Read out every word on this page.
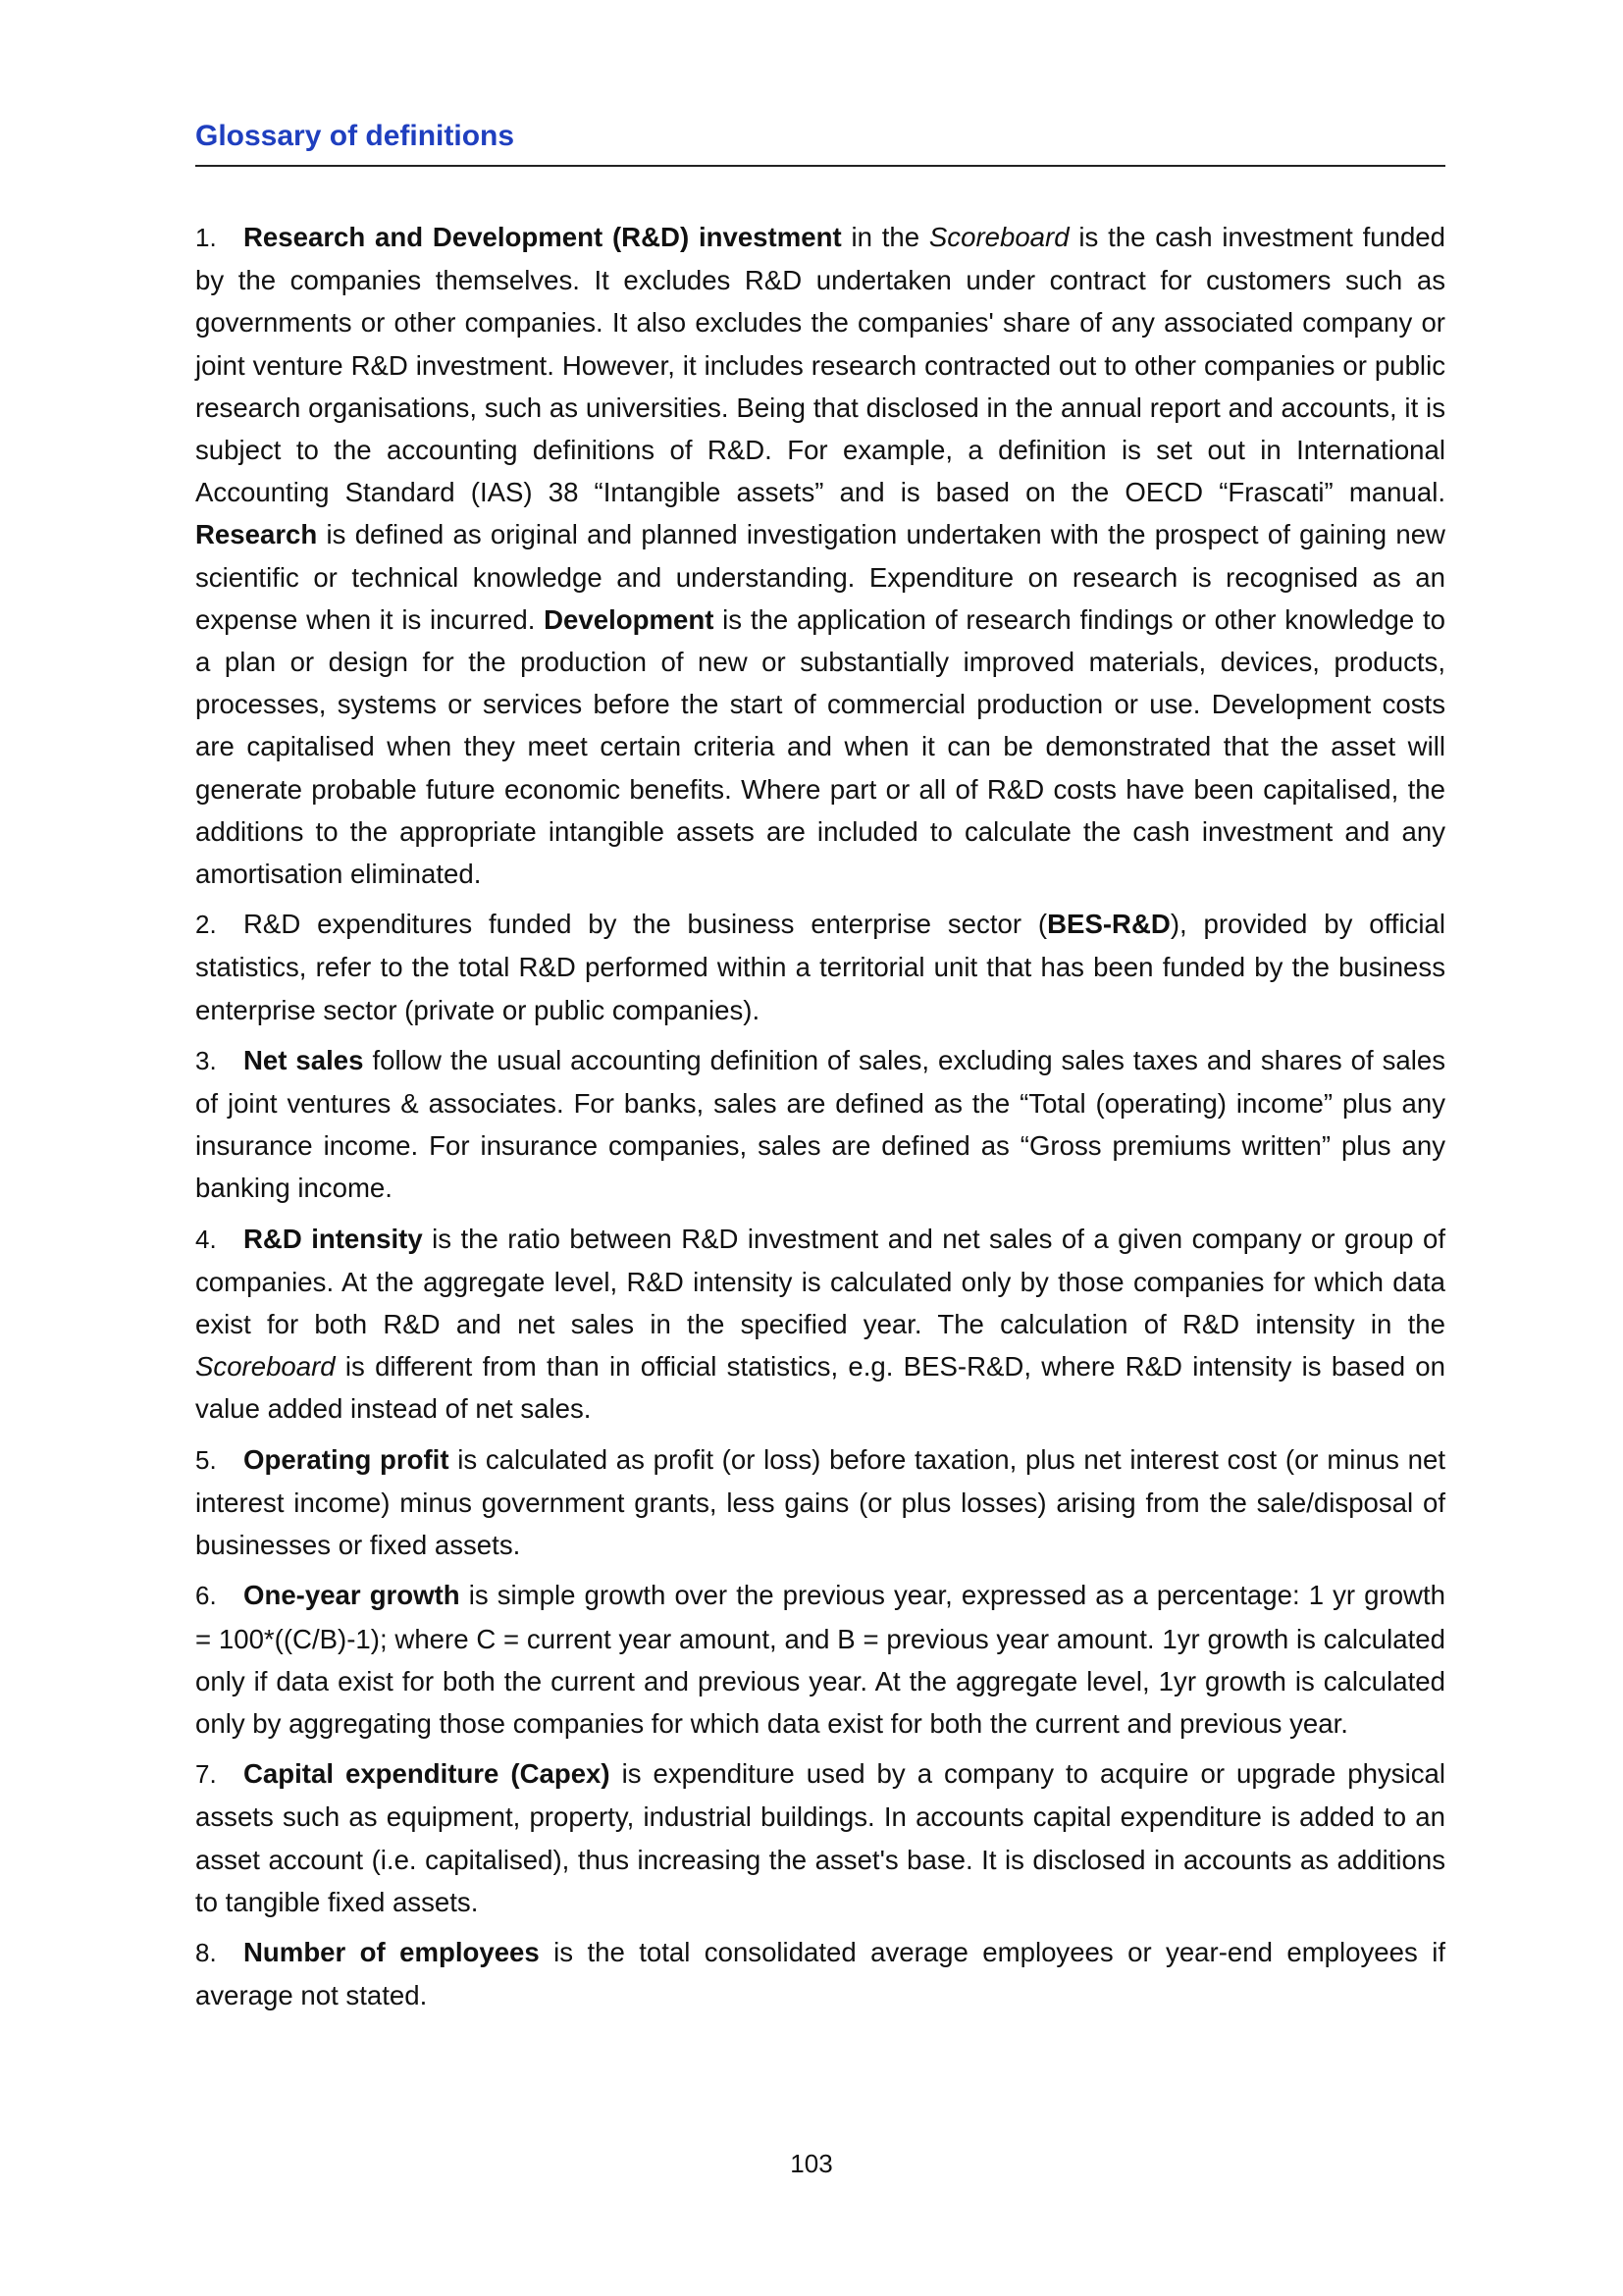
Glossary of definitions

1. Research and Development (R&D) investment in the Scoreboard is the cash investment funded by the companies themselves. It excludes R&D undertaken under contract for customers such as governments or other companies. It also excludes the companies' share of any associated company or joint venture R&D investment. However, it includes research contracted out to other companies or public research organisations, such as universities. Being that disclosed in the annual report and accounts, it is subject to the accounting definitions of R&D. For example, a definition is set out in International Accounting Standard (IAS) 38 “Intangible assets” and is based on the OECD “Frascati” manual. Research is defined as original and planned investigation undertaken with the prospect of gaining new scientific or technical knowledge and understanding. Expenditure on research is recognised as an expense when it is incurred. Development is the application of research findings or other knowledge to a plan or design for the production of new or substantially improved materials, devices, products, processes, systems or services before the start of commercial production or use. Development costs are capitalised when they meet certain criteria and when it can be demonstrated that the asset will generate probable future economic benefits. Where part or all of R&D costs have been capitalised, the additions to the appropriate intangible assets are included to calculate the cash investment and any amortisation eliminated.

2. R&D expenditures funded by the business enterprise sector (BES-R&D), provided by official statistics, refer to the total R&D performed within a territorial unit that has been funded by the business enterprise sector (private or public companies).

3. Net sales follow the usual accounting definition of sales, excluding sales taxes and shares of sales of joint ventures & associates. For banks, sales are defined as the “Total (operating) income” plus any insurance income. For insurance companies, sales are defined as “Gross premiums written” plus any banking income.

4. R&D intensity is the ratio between R&D investment and net sales of a given company or group of companies. At the aggregate level, R&D intensity is calculated only by those companies for which data exist for both R&D and net sales in the specified year. The calculation of R&D intensity in the Scoreboard is different from than in official statistics, e.g. BES-R&D, where R&D intensity is based on value added instead of net sales.

5. Operating profit is calculated as profit (or loss) before taxation, plus net interest cost (or minus net interest income) minus government grants, less gains (or plus losses) arising from the sale/disposal of businesses or fixed assets.

6. One-year growth is simple growth over the previous year, expressed as a percentage: 1 yr growth = 100*((C/B)-1); where C = current year amount, and B = previous year amount. 1yr growth is calculated only if data exist for both the current and previous year. At the aggregate level, 1yr growth is calculated only by aggregating those companies for which data exist for both the current and previous year.

7. Capital expenditure (Capex) is expenditure used by a company to acquire or upgrade physical assets such as equipment, property, industrial buildings. In accounts capital expenditure is added to an asset account (i.e. capitalised), thus increasing the asset's base. It is disclosed in accounts as additions to tangible fixed assets.

8. Number of employees is the total consolidated average employees or year-end employees if average not stated.

103
